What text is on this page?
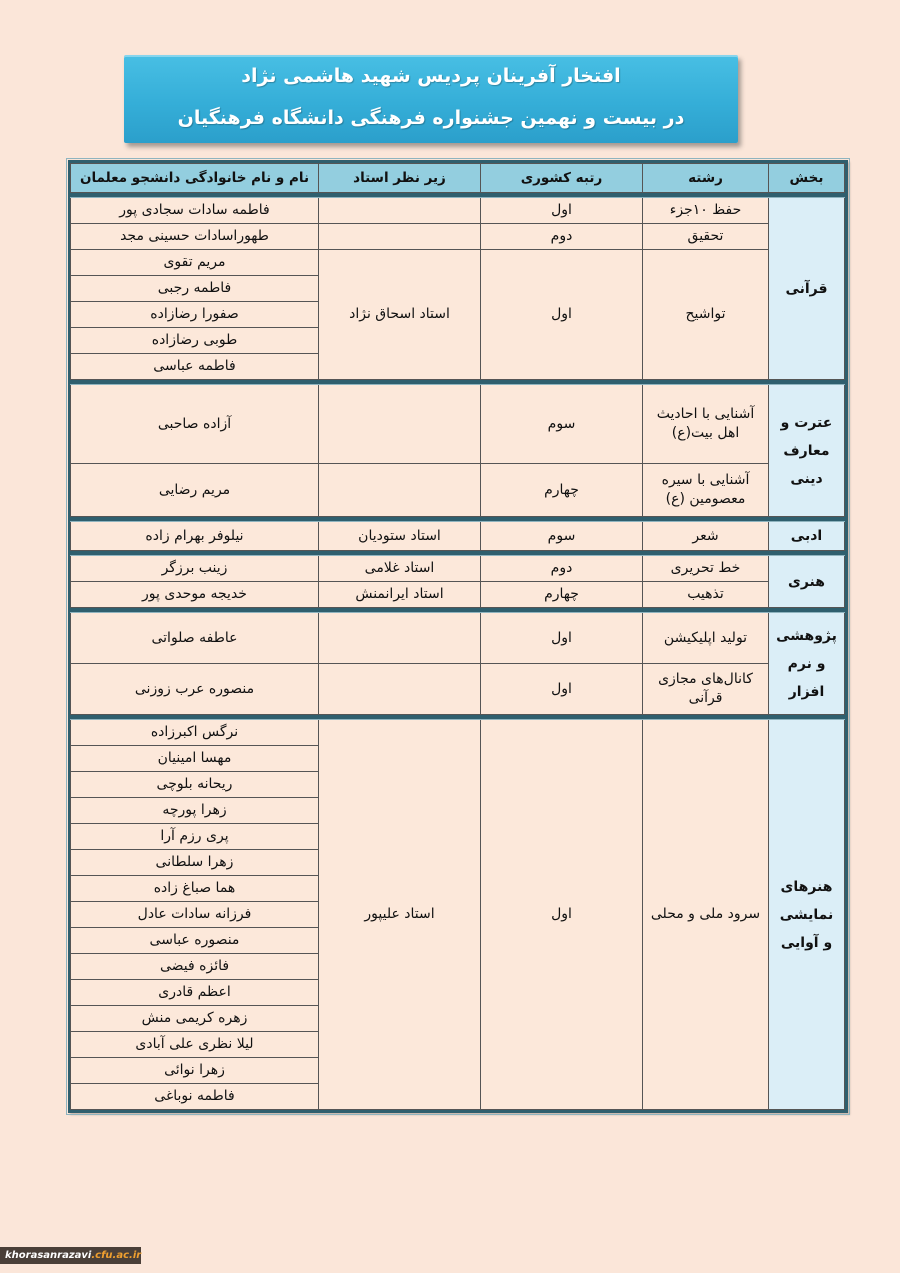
افتخار آفرینان پردیس شهید هاشمی نژاد
در بیست و نهمین جشنواره فرهنگی دانشگاه فرهنگیان
بخش	رشته	رتبه کشوری	زیر نظر استاد	نام و نام خانوادگی دانشجو معلمان

قرآنی	حفظ ۱۰جزء	اول		فاطمه سادات سجادی پور
	تحقیق	دوم		طهوراسادات حسینی مجد
	تواشیح	اول	استاد اسحاق نژاد	مریم تقوی
				فاطمه رجبی
				صفورا رضازاده
				طوبی رضازاده
				فاطمه عباسی

عترت و معارف دینی	آشنایی با احادیث اهل بیت(ع)	سوم		آزاده صاحبی
	آشنایی با سیره معصومین (ع)	چهارم		مریم رضایی

ادبی	شعر	سوم	استاد ستودیان	نیلوفر بهرام زاده

هنری	خط تحریری	دوم	استاد غلامی	زینب برزگر
	تذهیب	چهارم	استاد ایرانمنش	خدیجه موحدی پور

پژوهشی و نرم افزار	تولید اپلیکیشن	اول		عاطفه صلواتی
	کانال‌های مجازی قرآنی	اول		منصوره عرب زوزنی

هنرهای نمایشی و آوایی	سرود ملی و محلی	اول	استاد علیپور	نرگس اکبرزاده
				مهسا امینیان
				ریحانه بلوچی
				زهرا پورچه
				پری رزم آرا
				زهرا سلطانی
				هما صباغ زاده
				فرزانه سادات عادل
				منصوره عباسی
				فائزه فیضی
				اعظم قادری
				زهره کریمی منش
				لیلا نظری علی آبادی
				زهرا نوائی
				فاطمه نوباغی
khorasanrazavi.cfu.ac.ir
